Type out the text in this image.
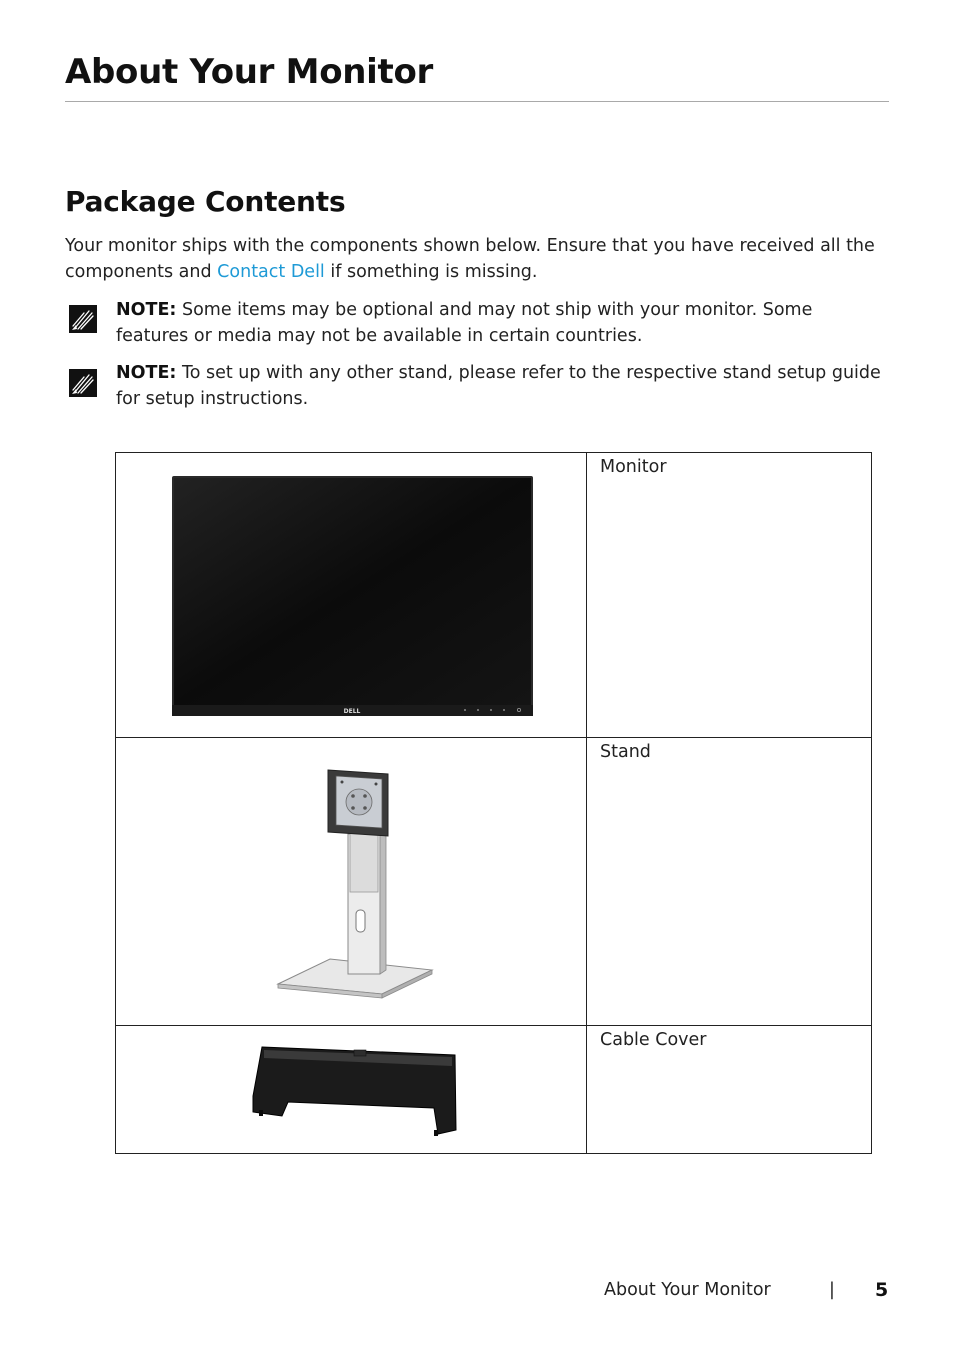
About Your Monitor
Package Contents

Your monitor ships with the components shown below. Ensure that you have received all the components and Contact Dell if something is missing.

NOTE: Some items may be optional and may not ship with your monitor. Some features or media may not be available in certain countries.

NOTE: To set up with any other stand, please refer to the respective stand setup guide for setup instructions.

DELL	Monitor

Stand

Cable Cover
About Your Monitor	| 5
